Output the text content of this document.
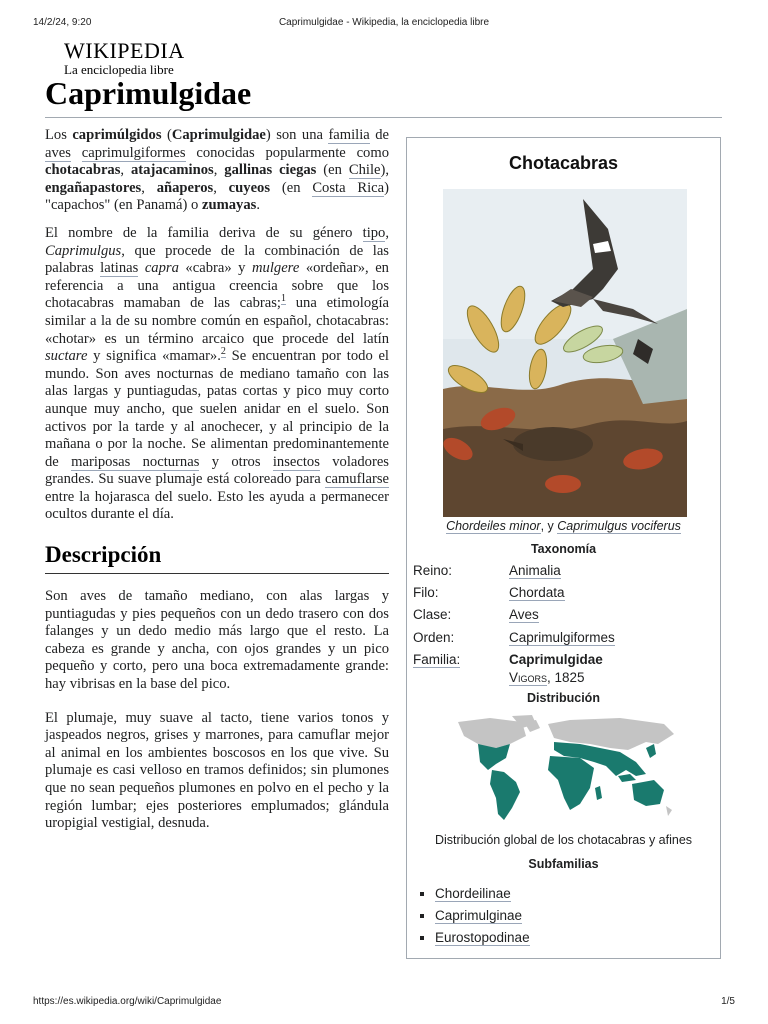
14/2/24, 9:20	Caprimulgidae - Wikipedia, la enciclopedia libre
WIKIPEDIA
La enciclopedia libre
Caprimulgidae

Los caprimúlgidos (Caprimulgidae) son una familia de aves caprimulgiformes conocidas popularmente como chotacabras, atajacaminos, gallinas ciegas (en Chile), engañapastores, añaperos, cuyeos (en Costa Rica) "capachos" (en Panamá) o zumayas.

El nombre de la familia deriva de su género tipo, Caprimulgus, que procede de la combinación de las palabras latinas capra «cabra» y mulgere «ordeñar», en referencia a una antigua creencia sobre que los chotacabras mamaban de las cabras;$^1$ una etimología similar a la de su nombre común en español, chotacabras: «chotar» es un término arcaico que procede del latín suctare y significa «mamar».$^2$ Se encuentran por todo el mundo. Son aves nocturnas de mediano tamaño con las alas largas y puntiagudas, patas cortas y pico muy corto aunque muy ancho, que suelen anidar en el suelo. Son activos por la tarde y al anochecer, y al principio de la mañana o por la noche. Se alimentan predominantemente de mariposas nocturnas y otros insectos voladores grandes. Su suave plumaje está coloreado para camuflarse entre la hojarasca del suelo. Esto les ayuda a permanecer ocultos durante el día.

Descripción

Son aves de tamaño mediano, con alas largas y puntiagudas y pies pequeños con un dedo trasero con dos falanges y un dedo medio más largo que el resto. La cabeza es grande y ancha, con ojos grandes y un pico pequeño y corto, pero una boca extremadamente grande: hay vibrisas en la base del pico.

El plumaje, muy suave al tacto, tiene varios tonos y jaspeados negros, grises y marrones, para camuflar mejor al animal en los ambientes boscosos en los que vive. Su plumaje es casi velloso en tramos definidos; sin plumones que no sean pequeños plumones en polvo en el pecho y la región lumbar; ejes posteriores emplumados; glándula uropigial vestigial, desnuda.

Chotacabras
Chordeiles minor, y Caprimulgus vociferus
Taxonomía
Reino:	Animalia
Filo:	Chordata
Clase:	Aves
Orden:	Caprimulgiformes
Familia:	Caprimulgidae
Vigors, 1825
Distribución
Distribución global de los chotacabras y afines
Subfamilias
▪ Chordeilinae
▪ Caprimulginae
▪ Eurostopodinae
https://es.wikipedia.org/wiki/Caprimulgidae	1/5
